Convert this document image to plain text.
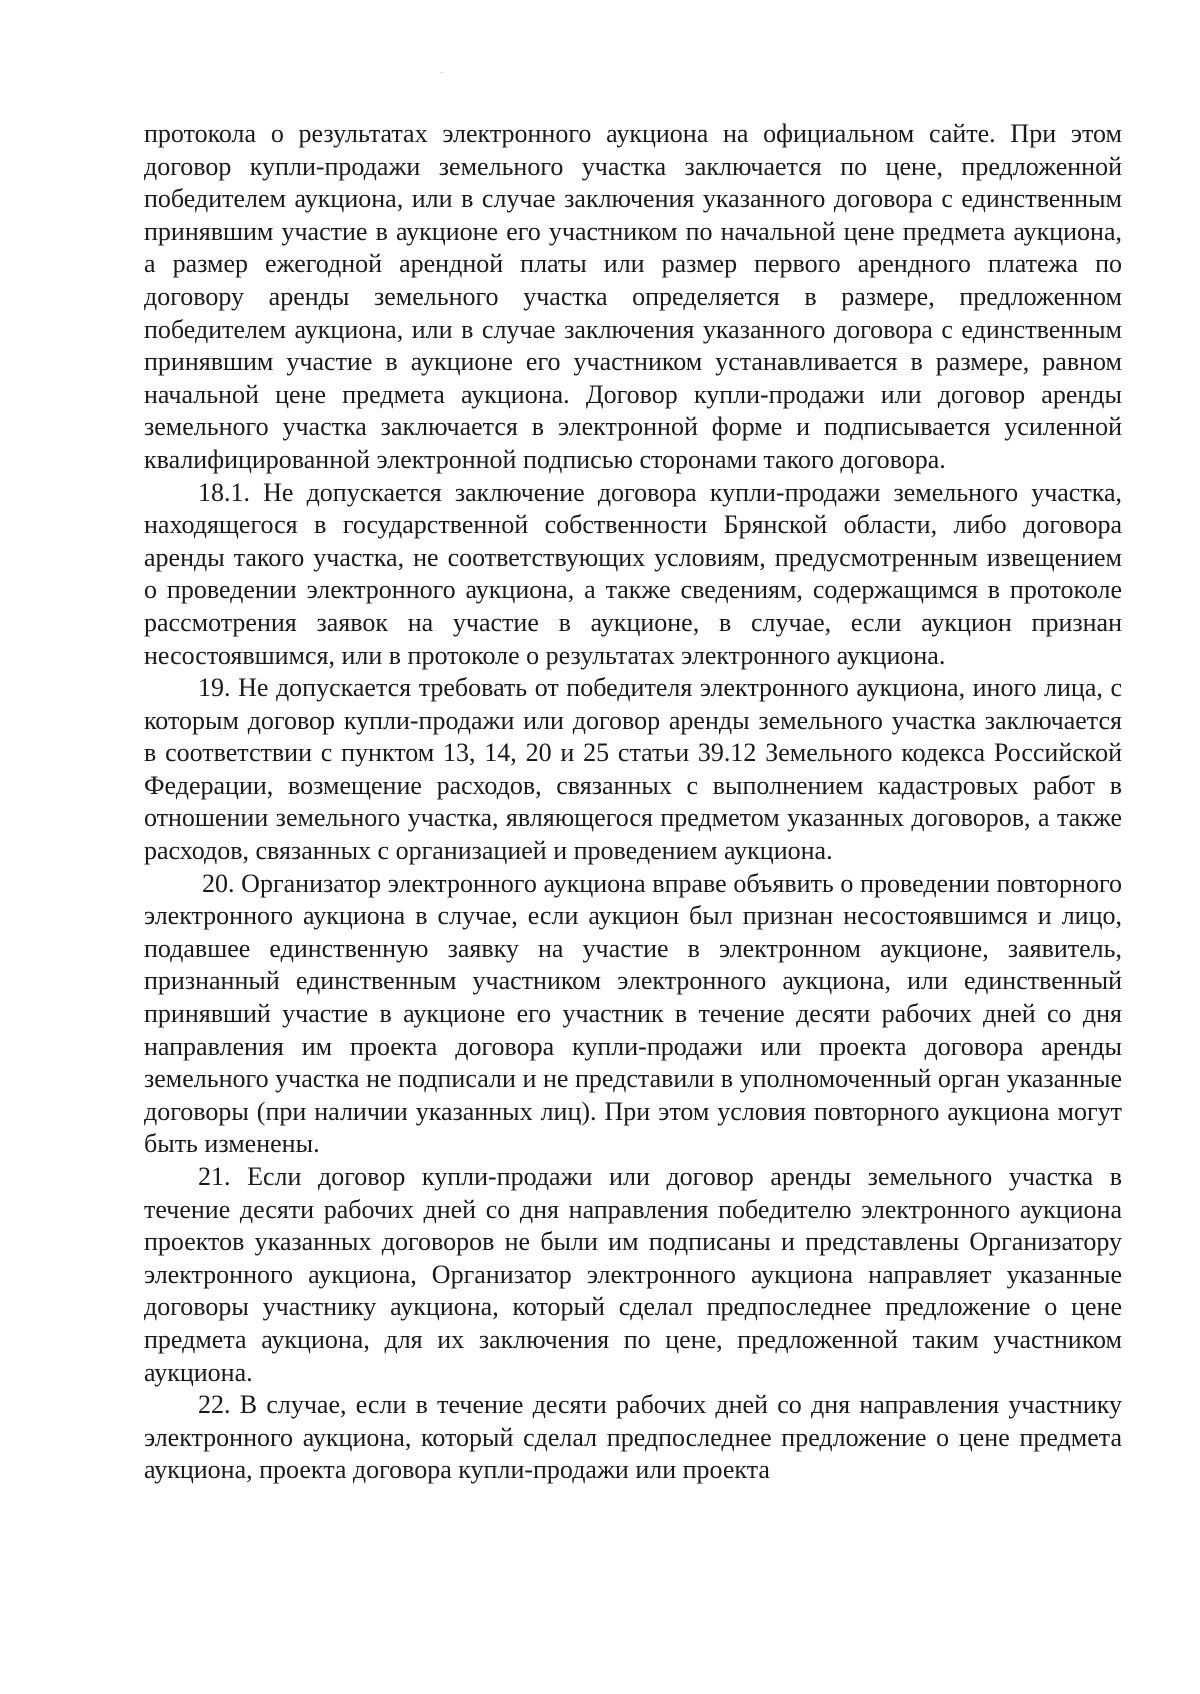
протокола о результатах электронного аукциона на официальном сайте. При этом договор купли-продажи земельного участка заключается по цене, предложенной победителем аукциона, или в случае заключения указанного договора с единственным принявшим участие в аукционе его участником по начальной цене предмета аукциона, а размер ежегодной арендной платы или размер первого арендного платежа по договору аренды земельного участка определяется в размере, предложенном победителем аукциона, или в случае заключения указанного договора с единственным принявшим участие в аукционе его участником устанавливается в размере, равном начальной цене предмета аукциона. Договор купли-продажи или договор аренды земельного участка заключается в электронной форме и подписывается усиленной квалифицированной электронной подписью сторонами такого договора.

18.1. Не допускается заключение договора купли-продажи земельного участка, находящегося в государственной собственности Брянской области, либо договора аренды такого участка, не соответствующих условиям, предусмотренным извещением о проведении электронного аукциона, а также сведениям, содержащимся в протоколе рассмотрения заявок на участие в аукционе, в случае, если аукцион признан несостоявшимся, или в протоколе о результатах электронного аукциона.

19. Не допускается требовать от победителя электронного аукциона, иного лица, с которым договор купли-продажи или договор аренды земельного участка заключается в соответствии с пунктом 13, 14, 20 и 25 статьи 39.12 Земельного кодекса Российской Федерации, возмещение расходов, связанных с выполнением кадастровых работ в отношении земельного участка, являющегося предметом указанных договоров, а также расходов, связанных с организацией и проведением аукциона.

20. Организатор электронного аукциона вправе объявить о проведении повторного электронного аукциона в случае, если аукцион был признан несостоявшимся и лицо, подавшее единственную заявку на участие в электронном аукционе, заявитель, признанный единственным участником электронного аукциона, или единственный принявший участие в аукционе его участник в течение десяти рабочих дней со дня направления им проекта договора купли-продажи или проекта договора аренды земельного участка не подписали и не представили в уполномоченный орган указанные договоры (при наличии указанных лиц). При этом условия повторного аукциона могут быть изменены.

21. Если договор купли-продажи или договор аренды земельного участка в течение десяти рабочих дней со дня направления победителю электронного аукциона проектов указанных договоров не были им подписаны и представлены Организатору электронного аукциона, Организатор электронного аукциона направляет указанные договоры участнику аукциона, который сделал предпоследнее предложение о цене предмета аукциона, для их заключения по цене, предложенной таким участником аукциона.

22. В случае, если в течение десяти рабочих дней со дня направления участнику электронного аукциона, который сделал предпоследнее предложение о цене предмета аукциона, проекта договора купли-продажи или проекта
